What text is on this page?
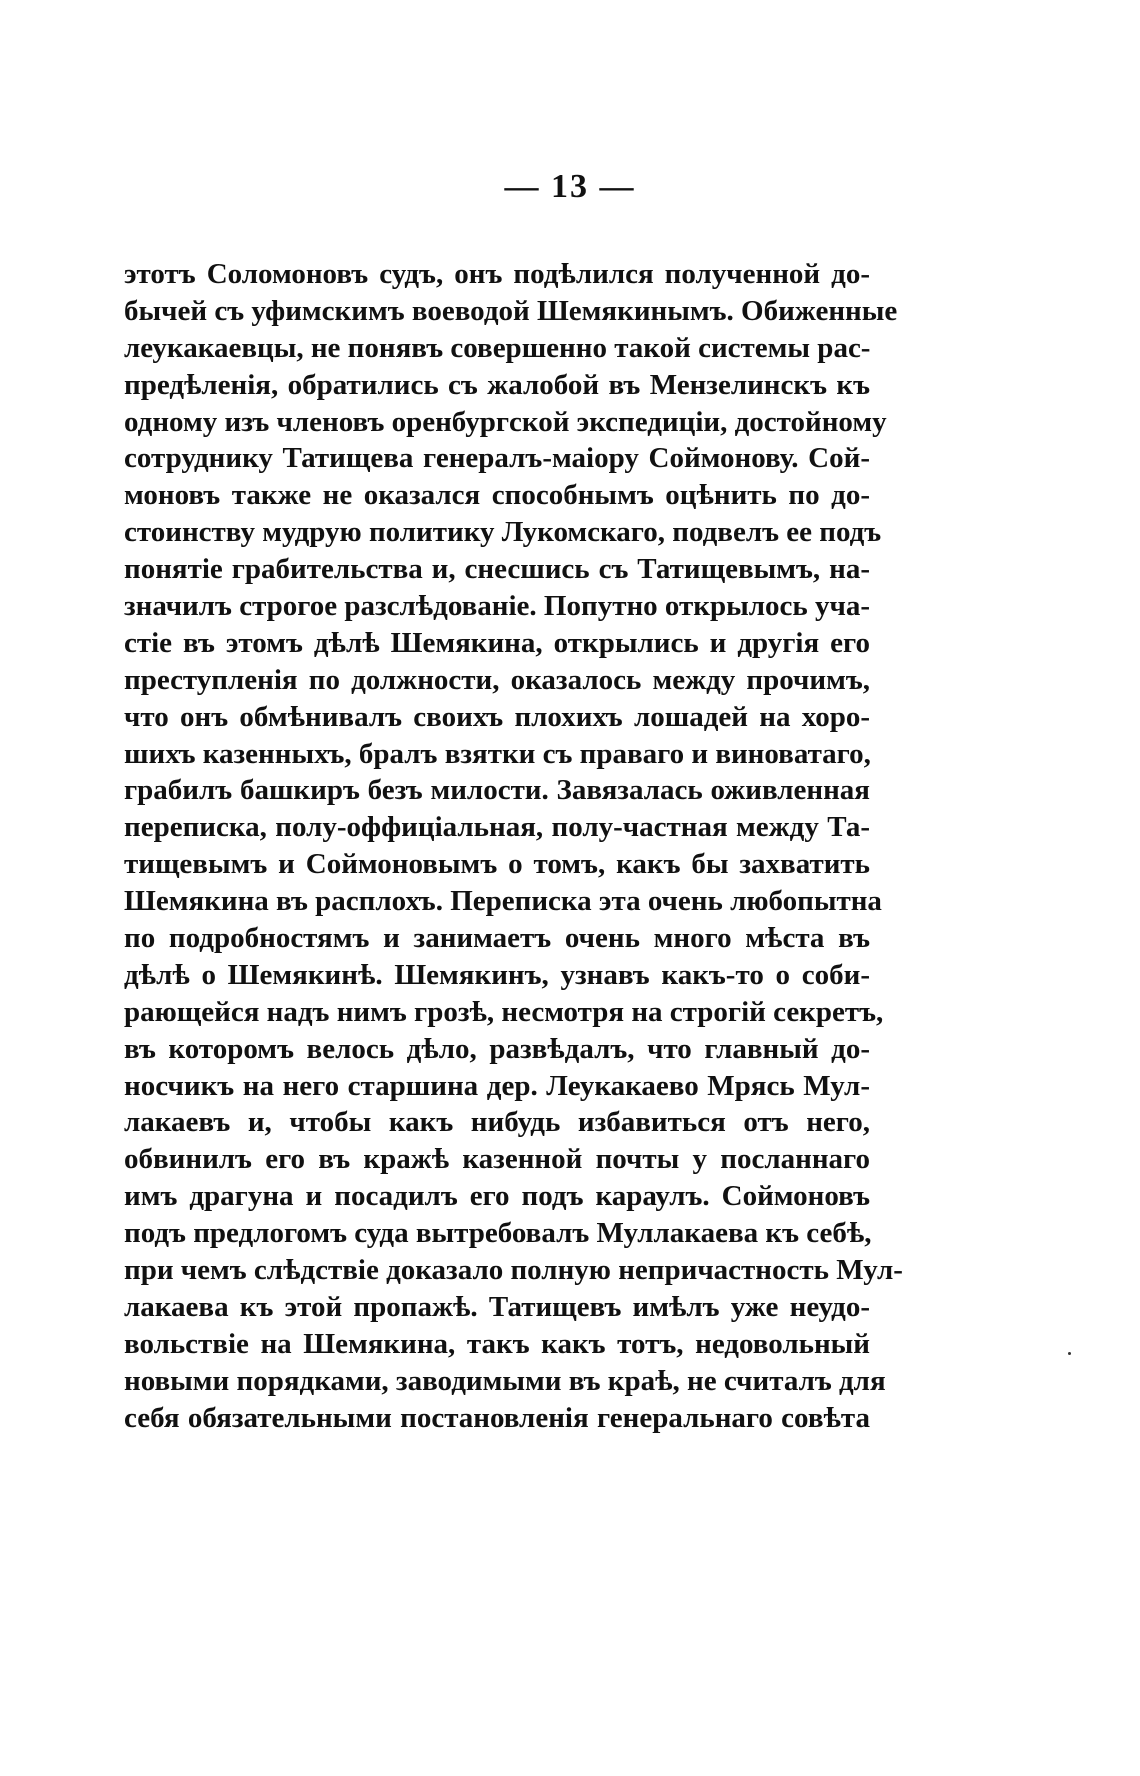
— 13 —
этотъ Соломоновъ судъ, онъ подѣлился полученной до-
бычей съ уфимскимъ воеводой Шемякинымъ. Обиженные
леукакаевцы, не понявъ совершенно такой системы рас-
предѣленія, обратились съ жалобой въ Мензелинскъ къ
одному изъ членовъ оренбургской экспедиціи, достойному
сотруднику Татищева генералъ-маіору Соймонову. Сой-
моновъ также не оказался способнымъ оцѣнить по до-
стоинству мудрую политику Лукомскаго, подвелъ ее подъ
понятіе грабительства и, снесшись съ Татищевымъ, на-
значилъ строгое разслѣдованіе. Попутно открылось уча-
стіе въ этомъ дѣлѣ Шемякина, открылись и другія его
преступленія по должности, оказалось между прочимъ,
что онъ обмѣнивалъ своихъ плохихъ лошадей на хоро-
шихъ казенныхъ, бралъ взятки съ праваго и виноватаго,
грабилъ башкиръ безъ милости. Завязалась оживленная
переписка, полу-оффиціальная, полу-частная между Та-
тищевымъ и Соймоновымъ о томъ, какъ бы захватить
Шемякина въ расплохъ. Переписка эта очень любопытна
по подробностямъ и занимаетъ очень много мѣста въ
дѣлѣ о Шемякинѣ. Шемякинъ, узнавъ какъ-то о соби-
рающейся надъ нимъ грозѣ, несмотря на строгій секретъ,
въ которомъ велось дѣло, развѣдалъ, что главный до-
носчикъ на него старшина дер. Леукакаево Мрясь Мул-
лакаевъ и, чтобы какъ нибудь избавиться отъ него,
обвинилъ его въ кражѣ казенной почты у посланнаго
имъ драгуна и посадилъ его подъ караулъ. Соймоновъ
подъ предлогомъ суда вытребовалъ Муллакаева къ себѣ,
при чемъ слѣдствіе доказало полную непричастность Мул-
лакаева къ этой пропажѣ. Татищевъ имѣлъ уже неудо-
вольствіе на Шемякина, такъ какъ тотъ, недовольный
новыми порядками, заводимыми въ краѣ, не считалъ для
себя обязательными постановленія генеральнаго совѣта
